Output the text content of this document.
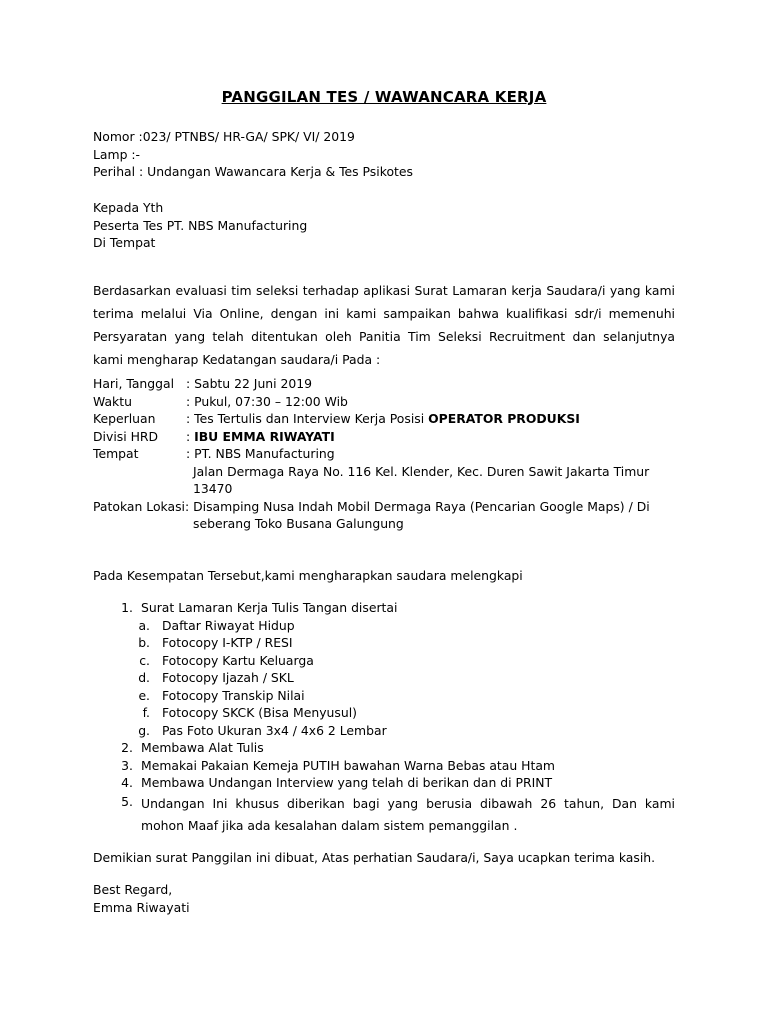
PANGGILAN TES / WAWANCARA KERJA
Nomor :023/ PTNBS/ HR-GA/ SPK/ VI/ 2019
Lamp :-
Perihal : Undangan Wawancara Kerja & Tes Psikotes
Kepada Yth
Peserta Tes PT. NBS Manufacturing
Di Tempat
Berdasarkan evaluasi tim seleksi terhadap aplikasi Surat Lamaran kerja Saudara/i yang kami terima melalui Via Online, dengan ini kami sampaikan bahwa kualifikasi sdr/i memenuhi Persyaratan yang telah ditentukan oleh Panitia Tim Seleksi Recruitment dan selanjutnya kami mengharap Kedatangan saudara/i Pada :
Hari, Tanggal : Sabtu 22 Juni 2019
Waktu	: Pukul, 07:30 – 12:00 Wib
Keperluan	: Tes Tertulis dan Interview Kerja Posisi OPERATOR PRODUKSI
Divisi HRD	: IBU EMMA RIWAYATI
Tempat	: PT. NBS Manufacturing
Jalan Dermaga Raya No. 116 Kel. Klender, Kec. Duren Sawit Jakarta Timur
13470
Patokan Lokasi: Disamping Nusa Indah Mobil Dermaga Raya (Pencarian Google Maps) / Di
seberang Toko Busana Galungung
Pada Kesempatan Tersebut,kami mengharapkan saudara melengkapi
1. Surat Lamaran Kerja Tulis Tangan disertai
a. Daftar Riwayat Hidup
b. Fotocopy I-KTP / RESI
c. Fotocopy Kartu Keluarga
d. Fotocopy Ijazah / SKL
e. Fotocopy Transkip Nilai
f. Fotocopy SKCK (Bisa Menyusul)
g. Pas Foto Ukuran 3x4 / 4x6 2 Lembar
2. Membawa Alat Tulis
3. Memakai Pakaian Kemeja PUTIH bawahan Warna Bebas atau Htam
4. Membawa Undangan Interview yang telah di berikan dan di PRINT
5. Undangan Ini khusus diberikan bagi yang berusia dibawah 26 tahun, Dan kami mohon Maaf jika ada kesalahan dalam sistem pemanggilan .
Demikian surat Panggilan ini dibuat, Atas perhatian Saudara/i, Saya ucapkan terima kasih.
Best Regard,
Emma Riwayati
